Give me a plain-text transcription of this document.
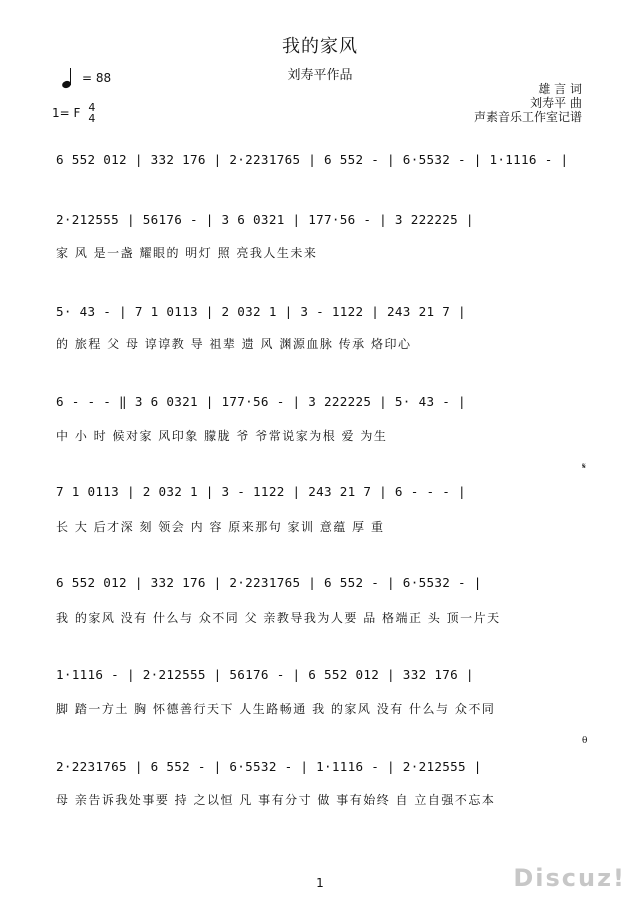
我的家风
刘寿平作品
= 88
1= F 4
4
雄 言 词
刘寿平 曲
声素音乐工作室记谱
𝄋
θ
6 552 012 | 332 176 | 2·2231765 | 6 552 - | 6·5532 - | 1·1116 - |
2·212555 | 56176 - | 3 6 0321 | 177·56 - | 3 222225 |
家 风 是一盏 耀眼的 明灯 照 亮我人生未来
5· 43 - | 7 1 0113 | 2 032 1 | 3 - 1122 | 243 21 7 |
的 旅程 父 母 谆谆教 导 祖辈 遗 风 渊源血脉 传承 烙印心
6 - - - ‖ 3 6 0321 | 177·56 - | 3 222225 | 5· 43 - |
中 小 时 候对家 风印象 朦胧 爷 爷常说家为根 爱 为生
7 1 0113 | 2 032 1 | 3 - 1122 | 243 21 7 | 6 - - - |
长 大 后才深 刻 领会 内 容 原来那句 家训 意蕴 厚 重
6 552 012 | 332 176 | 2·2231765 | 6 552 - | 6·5532 - |
我 的家风 没有 什么与 众不同 父 亲教导我为人要 品 格端正 头 顶一片天
1·1116 - | 2·212555 | 56176 - | 6 552 012 | 332 176 |
脚 踏一方土 胸 怀德善行天下 人生路畅通 我 的家风 没有 什么与 众不同
2·2231765 | 6 552 - | 6·5532 - | 1·1116 - | 2·212555 |
母 亲告诉我处事要 持 之以恒 凡 事有分寸 做 事有始终 自 立自强不忘本
1	Discuz!
